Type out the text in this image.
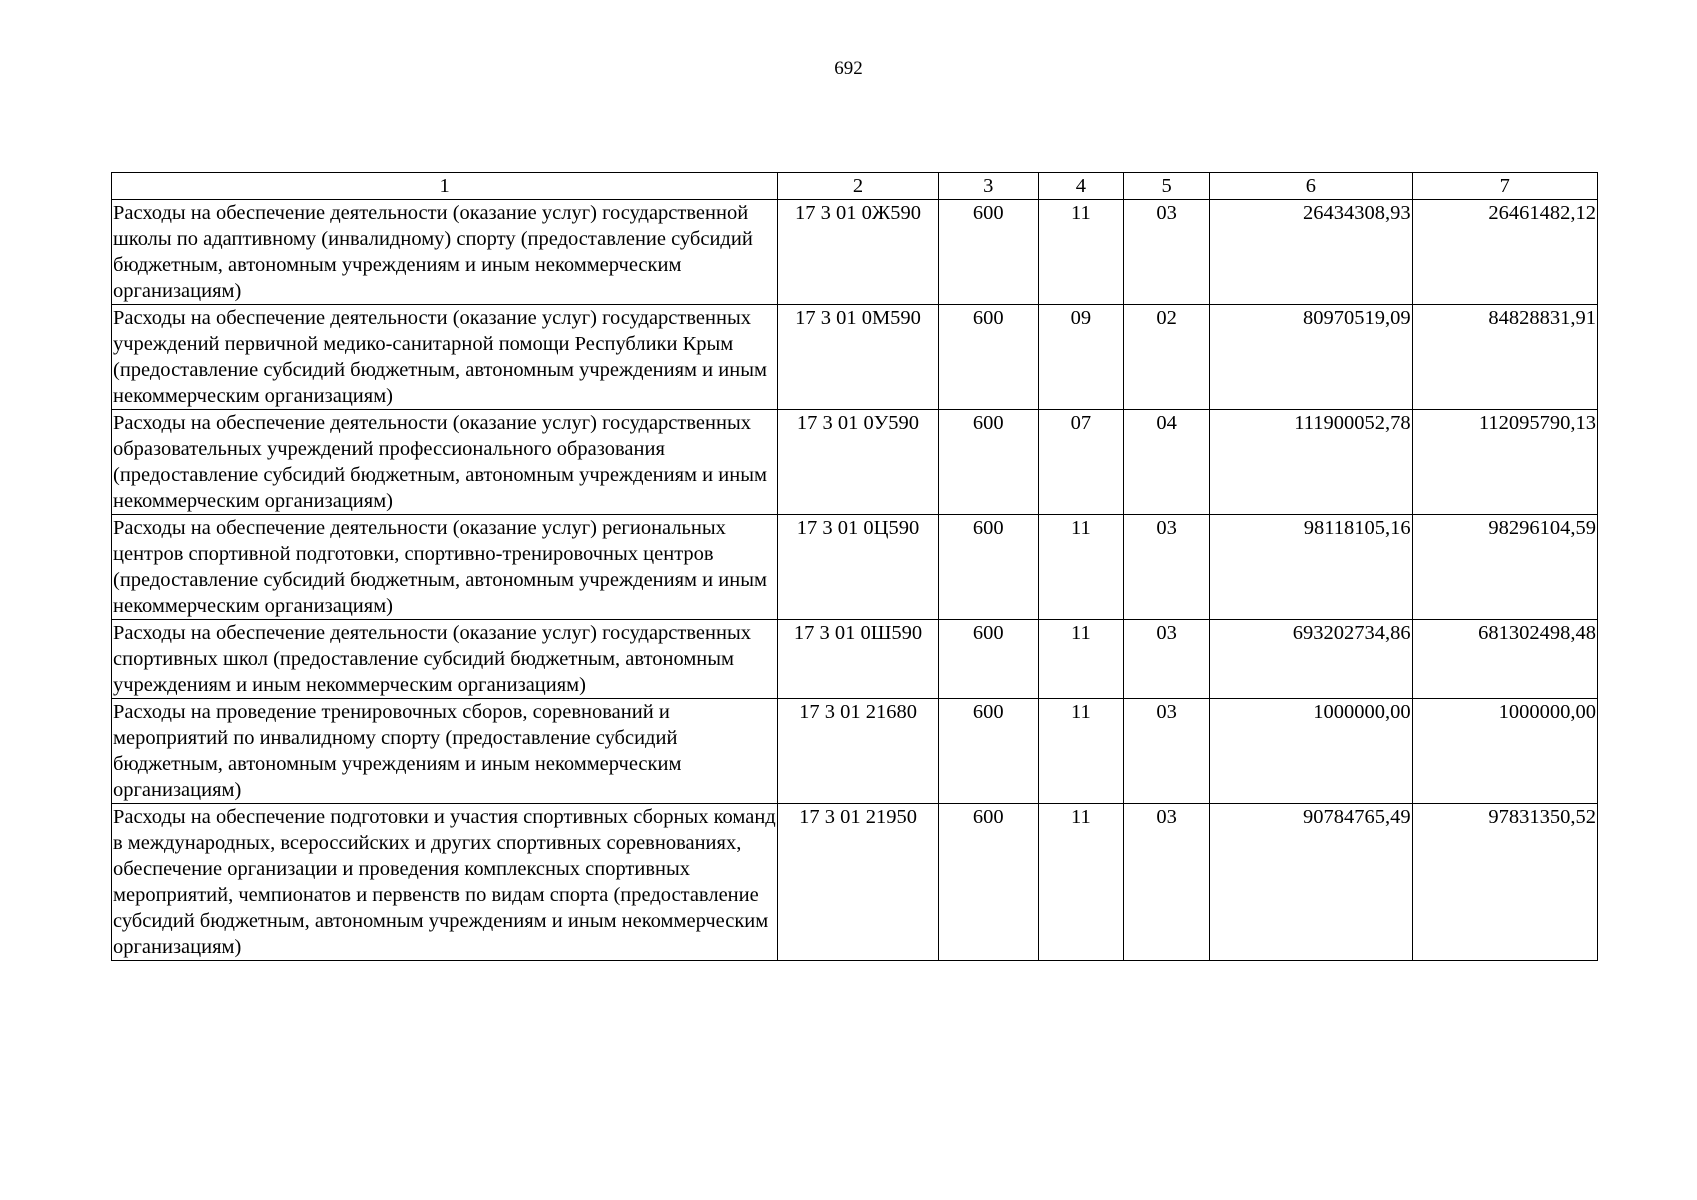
692
1	2	3	4	5	6	7
Расходы на обеспечение деятельности (оказание услуг) государственной школы по адаптивному (инвалидному) спорту (предоставление субсидий бюджетным, автономным учреждениям и иным некоммерческим организациям)	17 3 01 0Ж590	600	11	03	26434308,93	26461482,12
Расходы на обеспечение деятельности (оказание услуг) государственных учреждений первичной медико-санитарной помощи Республики Крым (предоставление субсидий бюджетным, автономным учреждениям и иным некоммерческим организациям)	17 3 01 0М590	600	09	02	80970519,09	84828831,91
Расходы на обеспечение деятельности (оказание услуг) государственных образовательных учреждений профессионального образования (предоставление субсидий бюджетным, автономным учреждениям и иным некоммерческим организациям)	17 3 01 0У590	600	07	04	111900052,78	112095790,13
Расходы на обеспечение деятельности (оказание услуг) региональных центров спортивной подготовки, спортивно-тренировочных центров (предоставление субсидий бюджетным, автономным учреждениям и иным некоммерческим организациям)	17 3 01 0Ц590	600	11	03	98118105,16	98296104,59
Расходы на обеспечение деятельности (оказание услуг) государственных спортивных школ (предоставление субсидий бюджетным, автономным учреждениям и иным некоммерческим организациям)	17 3 01 0Ш590	600	11	03	693202734,86	681302498,48
Расходы на проведение тренировочных сборов, соревнований и мероприятий по инвалидному спорту (предоставление субсидий бюджетным, автономным учреждениям и иным некоммерческим организациям)	17 3 01 21680	600	11	03	1000000,00	1000000,00
Расходы на обеспечение подготовки и участия спортивных сборных команд в международных, всероссийских и других спортивных соревнованиях, обеспечение организации и проведения комплексных спортивных мероприятий, чемпионатов и первенств по видам спорта (предоставление субсидий бюджетным, автономным учреждениям и иным некоммерческим организациям)	17 3 01 21950	600	11	03	90784765,49	97831350,52
